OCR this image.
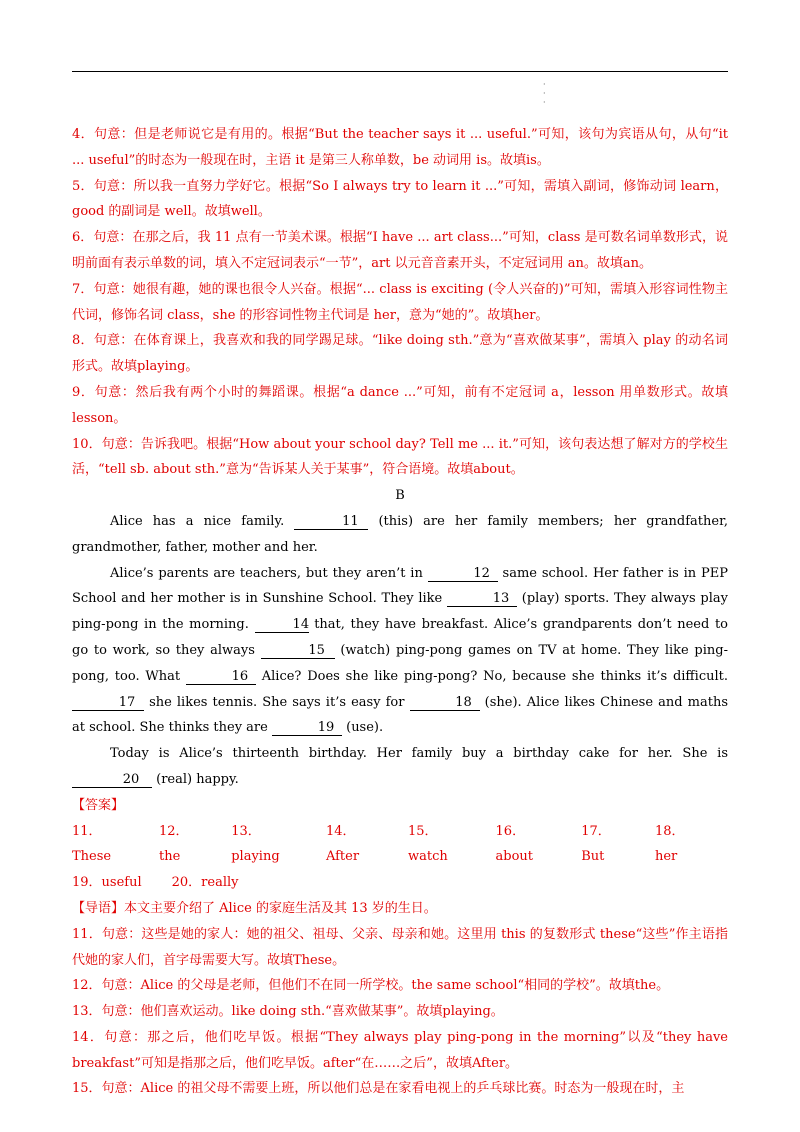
·
·
·

4．句意：但是老师说它是有用的。根据“But the teacher says it ... useful.”可知，该句为宾语从句，从句“it ... useful”的时态为一般现在时，主语 it 是第三人称单数，be 动词用 is。故填is。

5．句意：所以我一直努力学好它。根据“So I always try to learn it ...”可知，需填入副词，修饰动词 learn，good 的副词是 well。故填well。

6．句意：在那之后，我 11 点有一节美术课。根据“I have ... art class...”可知，class 是可数名词单数形式，说明前面有表示单数的词，填入不定冠词表示“一节”，art 以元音音素开头，不定冠词用 an。故填an。

7．句意：她很有趣，她的课也很令人兴奋。根据“... class is exciting (令人兴奋的)”可知，需填入形容词性物主代词，修饰名词 class，she 的形容词性物主代词是 her，意为“她的”。故填her。

8．句意：在体育课上，我喜欢和我的同学踢足球。“like doing sth.”意为“喜欢做某事”，需填入 play 的动名词形式。故填playing。

9．句意：然后我有两个小时的舞蹈课。根据“a dance ...”可知，前有不定冠词 a，lesson 用单数形式。故填lesson。

10．句意：告诉我吧。根据“How about your school day? Tell me ... it.”可知，该句表达想了解对方的学校生活，“tell sb. about sth.”意为“告诉某人关于某事”，符合语境。故填about。

B

Alice has a nice family.	11 (this) are her family members; her grandfather, grandmother, father, mother and her.

Alice’s parents are teachers, but they aren’t in	12 same school. Her father is in PEP School and her mother is in Sunshine School. They like	13 (play) sports. They always play ping-pong in the morning.	14 that, they have breakfast. Alice’s grandparents don’t need to go to work, so they always	15 (watch) ping-pong games on TV at home. They like ping-pong, too. What	16 Alice? Does she like ping-pong? No, because she thinks it’s difficult. 17 she likes tennis. She says it’s easy for	18 (she). Alice likes Chinese and maths at school. She thinks they are	19 (use).

Today is Alice’s thirteenth birthday. Her family buy a birthday cake for her. She is 20 (real) happy.

【答案】

11．These
12．the
13．playing
14．After
15．watch
16．about
17．But
18．her
19．useful 20．really

【导语】本文主要介绍了 Alice 的家庭生活及其 13 岁的生日。

11．句意：这些是她的家人：她的祖父、祖母、父亲、母亲和她。这里用 this 的复数形式 these“这些”作主语指代她的家人们，首字母需要大写。故填These。

12．句意：Alice 的父母是老师，但他们不在同一所学校。the same school“相同的学校”。故填the。

13．句意：他们喜欢运动。like doing sth.“喜欢做某事”。故填playing。

14．句意：那之后，他们吃早饭。根据“They always play ping-pong in the morning”以及“they have breakfast”可知是指那之后，他们吃早饭。after“在……之后”，故填After。

15．句意：Alice 的祖父母不需要上班，所以他们总是在家看电视上的乒乓球比赛。时态为一般现在时，主
